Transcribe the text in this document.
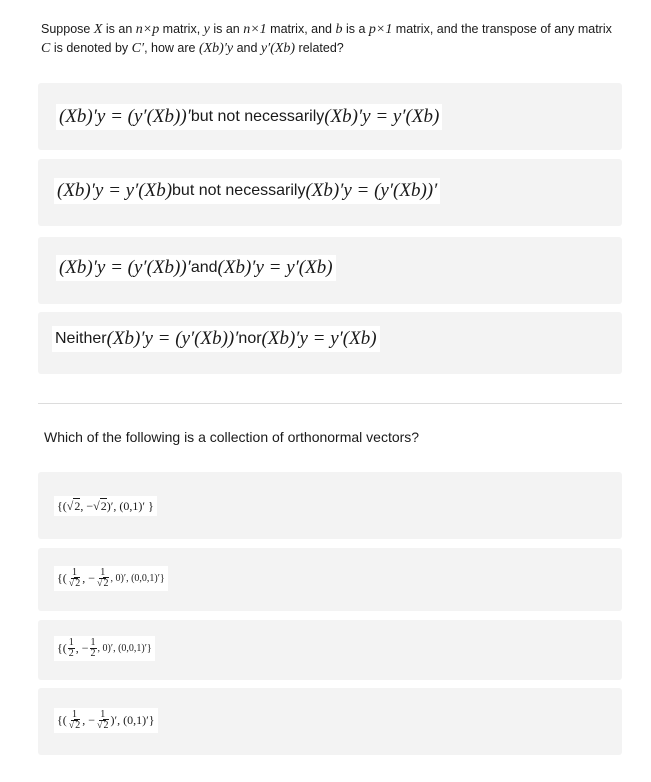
Suppose X is an n×p matrix, y is an n×1 matrix, and b is a p×1 matrix, and the transpose of any matrix C is denoted by C′, how are (Xb)′y and y′(Xb) related?
(Xb)′y = (y′(Xb))′ but not necessarily (Xb)′y = y′(Xb)
(Xb)′y = y′(Xb) but not necessarily (Xb)′y = (y′(Xb))′
(Xb)′y = (y′(Xb))′ and (Xb)′y = y′(Xb)
Neither (Xb)′y = (y′(Xb))′ nor (Xb)′y = y′(Xb)
Which of the following is a collection of orthonormal vectors?
{( √ 2 , − √ 2 )′, (0,1)′ }
{( $\frac{1}{√2}$ , − $\frac{1}{√2}$ , 0)′, (0,0,1)′}
{( $\frac{1}{2}$ , − $\frac{1}{2}$ , 0)′, (0,0,1)′}
{( $\frac{1}{√2}$ , − $\frac{1}{√2}$ )′, (0,1)′}
